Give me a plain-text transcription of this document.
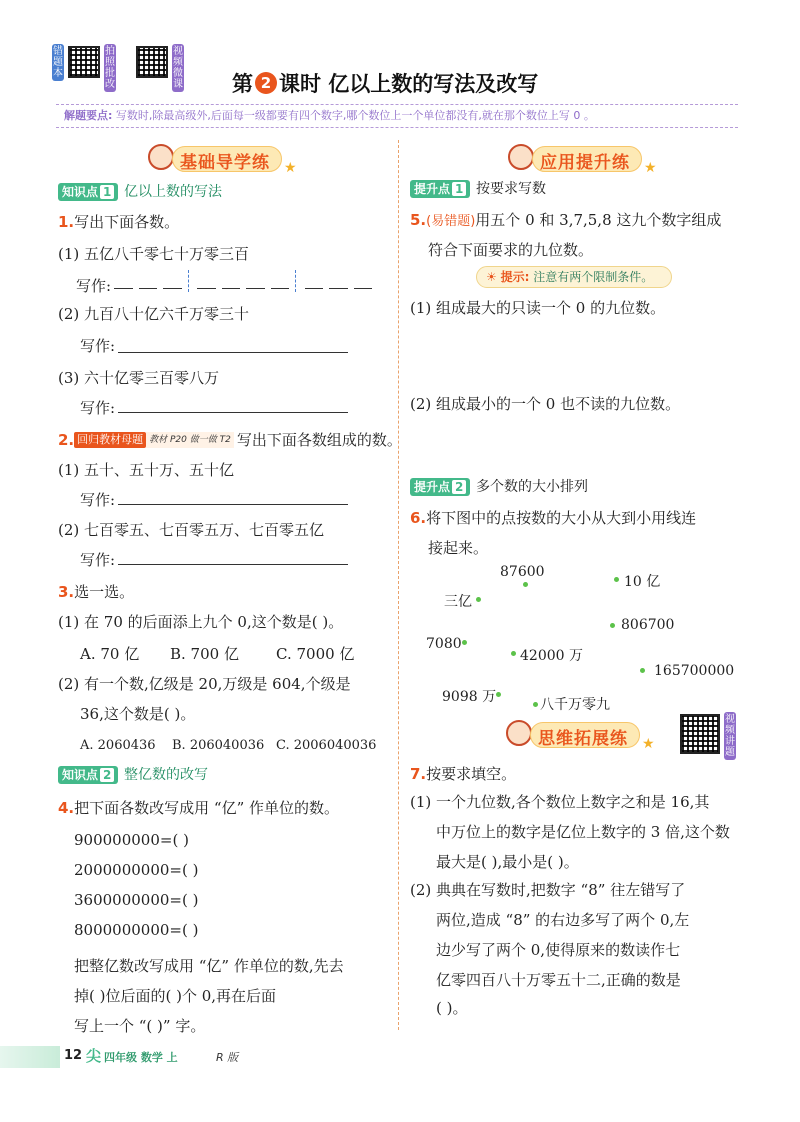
错题本
拍照批改
视频微课 第 2 课时 亿以上数的写法及改写
解题要点: 写数时,除最高级外,后面每一级都要有四个数字,哪个数位上一个单位都没有,就在那个数位上写 0 。
基础导学练 ★
知识点 1 亿以上数的写法
1.写出下面各数。
(1) 五亿八千零七十万零三百
写作:
(2) 九百八十亿六千万零三十
写作:
(3) 六十亿零三百零八万
写作:
2. 回归教材母题 教材 P20 做一做 T2 写出下面各数组成的数。
(1) 五十、五十万、五十亿
写作:
(2) 七百零五、七百零五万、七百零五亿
写作:
3.选一选。
(1) 在 70 的后面添上九个 0,这个数是( )。
A. 70 亿 B. 700 亿 C. 7000 亿
(2) 有一个数,亿级是 20,万级是 604,个级是
36,这个数是( )。
A. 2060436 B. 206040036 C. 2006040036
知识点 2 整亿数的改写
4.把下面各数改写成用 “亿” 作单位的数。
900000000=( )
2000000000=( )
3600000000=( )
8000000000=( )
把整亿数改写成用 “亿” 作单位的数,先去
掉( )位后面的( )个 0,再在后面
写上一个 “( )” 字。
应用提升练 ★
提升点 1 按要求写数
5.(易错题)用五个 0 和 3,7,5,8 这九个数字组成
符合下面要求的九位数。
☀ 提示: 注意有两个限制条件。
(1) 组成最大的只读一个 0 的九位数。
(2) 组成最小的一个 0 也不读的九位数。
提升点 2 多个数的大小排列
6.将下图中的点按数的大小从大到小用线连
接起来。
87600
10 亿
三亿
806700
7080
42000 万
165700000
9098 万	八千万零九
思维拓展练 ★
视频讲题
7.按要求填空。
(1) 一个九位数,各个数位上数字之和是 16,其
中万位上的数字是亿位上数字的 3 倍,这个数
最大是( ),最小是( )。
(2) 典典在写数时,把数字 “8” 往左错写了
两位,造成 “8” 的右边多写了两个 0,左
边少写了两个 0,使得原来的数读作七
亿零四百八十万零五十二,正确的数是
( )。
12 尖 四年级 数学 上	R 版
